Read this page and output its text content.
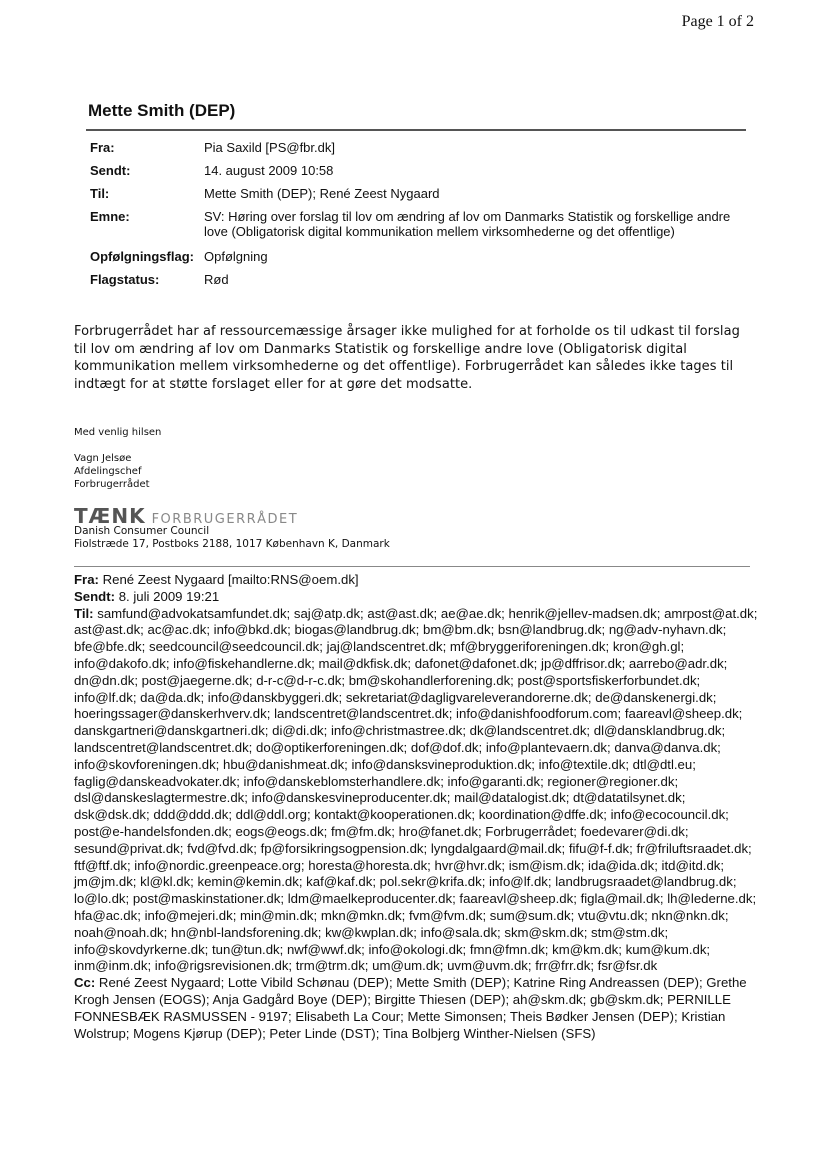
Page 1 of 2
Mette Smith (DEP)
Fra:	Pia Saxild [PS@fbr.dk]
Sendt:	14. august 2009 10:58
Til:	Mette Smith (DEP); René Zeest Nygaard
Emne:	SV: Høring over forslag til lov om ændring af lov om Danmarks Statistik og forskellige andre love (Obligatorisk digital kommunikation mellem virksomhederne og det offentlige)
Opfølgningsflag: Opfølgning
Flagstatus:	Rød
Forbrugerrådet har af ressourcemæssige årsager ikke mulighed for at forholde os til udkast til forslag til lov om ændring af lov om Danmarks Statistik og forskellige andre love (Obligatorisk digital kommunikation mellem virksomhederne og det offentlige). Forbrugerrådet kan således ikke tages til indtægt for at støtte forslaget eller for at gøre det modsatte.
Med venlig hilsen
Vagn Jelsøe
Afdelingschef
Forbrugerrådet
TÆNK FORBRUGERRÅDET
Danish Consumer Council
Fiolstræde 17, Postboks 2188, 1017 København K, Danmark

Fra: René Zeest Nygaard [mailto:RNS@oem.dk]

Sendt: 8. juli 2009 19:21

Til: samfund@advokatsamfundet.dk; saj@atp.dk; ast@ast.dk; ae@ae.dk; henrik@jellev-madsen.dk; amrpost@at.dk; ast@ast.dk; ac@ac.dk; info@bkd.dk; biogas@landbrug.dk; bm@bm.dk; bsn@landbrug.dk; ng@adv-nyhavn.dk; bfe@bfe.dk; seedcouncil@seedcouncil.dk; jaj@landscentret.dk; mf@bryggeriforeningen.dk; kron@gh.gl; info@dakofo.dk; info@fiskehandlerne.dk; mail@dkfisk.dk; dafonet@dafonet.dk; jp@dffrisor.dk; aarrebo@adr.dk; dn@dn.dk; post@jaegerne.dk; d-r-c@d-r-c.dk; bm@skohandlerforening.dk; post@sportsfiskerforbundet.dk; info@lf.dk; da@da.dk; info@danskbyggeri.dk; sekretariat@dagligvareleverandorerne.dk; de@danskenergi.dk; hoeringssager@danskerhverv.dk; landscentret@landscentret.dk; info@danishfoodforum.com; faareavl@sheep.dk; danskgartneri@danskgartneri.dk; di@di.dk; info@christmastree.dk; dk@landscentret.dk; dl@dansklandbrug.dk; landscentret@landscentret.dk; do@optikerforeningen.dk; dof@dof.dk; info@plantevaern.dk; danva@danva.dk; info@skovforeningen.dk; hbu@danishmeat.dk; info@dansksvineproduktion.dk; info@textile.dk; dtl@dtl.eu; faglig@danskeadvokater.dk; info@danskeblomsterhandlere.dk; info@garanti.dk; regioner@regioner.dk; dsl@danskeslagtermestre.dk; info@danskesvineproducenter.dk; mail@datalogist.dk; dt@datatilsynet.dk; dsk@dsk.dk; ddd@ddd.dk; ddl@ddl.org; kontakt@kooperationen.dk; koordination@dffe.dk; info@ecocouncil.dk; post@e-handelsfonden.dk; eogs@eogs.dk; fm@fm.dk; hro@fanet.dk; Forbrugerrådet; foedevarer@di.dk; sesund@privat.dk; fvd@fvd.dk; fp@forsikringsogpension.dk; lyngdalgaard@mail.dk; fifu@f-f.dk; fr@friluftsraadet.dk; ftf@ftf.dk; info@nordic.greenpeace.org; horesta@horesta.dk; hvr@hvr.dk; ism@ism.dk; ida@ida.dk; itd@itd.dk; jm@jm.dk; kl@kl.dk; kemin@kemin.dk; kaf@kaf.dk; pol.sekr@krifa.dk; info@lf.dk; landbrugsraadet@landbrug.dk; lo@lo.dk; post@maskinstationer.dk; ldm@maelkeproducenter.dk; faareavl@sheep.dk; figla@mail.dk; lh@lederne.dk; hfa@ac.dk; info@mejeri.dk; min@min.dk; mkn@mkn.dk; fvm@fvm.dk; sum@sum.dk; vtu@vtu.dk; nkn@nkn.dk; noah@noah.dk; hn@nbl-landsforening.dk; kw@kwplan.dk; info@sala.dk; skm@skm.dk; stm@stm.dk; info@skovdyrkerne.dk; tun@tun.dk; nwf@wwf.dk; info@okologi.dk; fmn@fmn.dk; km@km.dk; kum@kum.dk; inm@inm.dk; info@rigsrevisionen.dk; trm@trm.dk; um@um.dk; uvm@uvm.dk; frr@frr.dk; fsr@fsr.dk

Cc: René Zeest Nygaard; Lotte Vibild Schønau (DEP); Mette Smith (DEP); Katrine Ring Andreassen (DEP); Grethe Krogh Jensen (EOGS); Anja Gadgård Boye (DEP); Birgitte Thiesen (DEP); ah@skm.dk; gb@skm.dk; PERNILLE FONNESBÆK RASMUSSEN - 9197; Elisabeth La Cour; Mette Simonsen; Theis Bødker Jensen (DEP); Kristian Wolstrup; Mogens Kjørup (DEP); Peter Linde (DST); Tina Bolbjerg Winther-Nielsen (SFS)
